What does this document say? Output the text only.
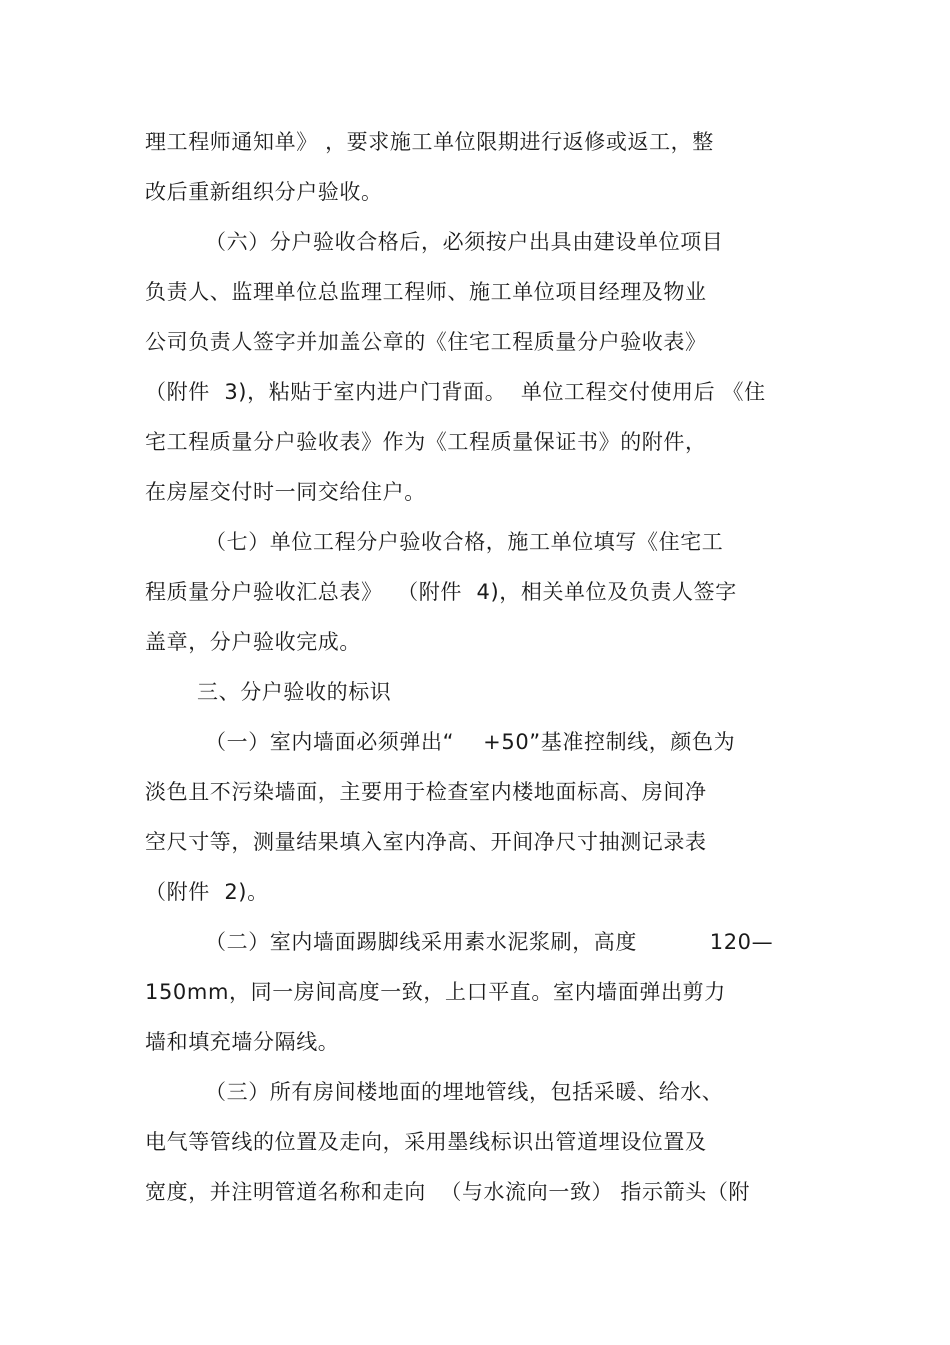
理工程师通知单》 ，要求施工单位限期进行返修或返工，整
改后重新组织分户验收。
（六）分户验收合格后，必须按户出具由建设单位项目
负责人、监理单位总监理工程师、施工单位项目经理及物业
公司负责人签字并加盖公章的《住宅工程质量分户验收表》
（附件  3)，粘贴于室内进户门背面。  单位工程交付使用后 《住
宅工程质量分户验收表》作为《工程质量保证书》的附件，
在房屋交付时一同交给住户。
（七）单位工程分户验收合格，施工单位填写《住宅工
程质量分户验收汇总表》  （附件  4)，相关单位及负责人签字
盖章，分户验收完成。
三、分户验收的标识
（一）室内墙面必须弹出“    +50”基准控制线，颜色为
淡色且不污染墙面，主要用于检查室内楼地面标高、房间净
空尺寸等，测量结果填入室内净高、开间净尺寸抽测记录表
（附件  2)。
（二）室内墙面踢脚线采用素水泥浆刷，高度          120—
150mm，同一房间高度一致，上口平直。室内墙面弹出剪力
墙和填充墙分隔线。
（三）所有房间楼地面的埋地管线，包括采暖、给水、
电气等管线的位置及走向，采用墨线标识出管道埋设位置及
宽度，并注明管道名称和走向  （与水流向一致） 指示箭头（附
